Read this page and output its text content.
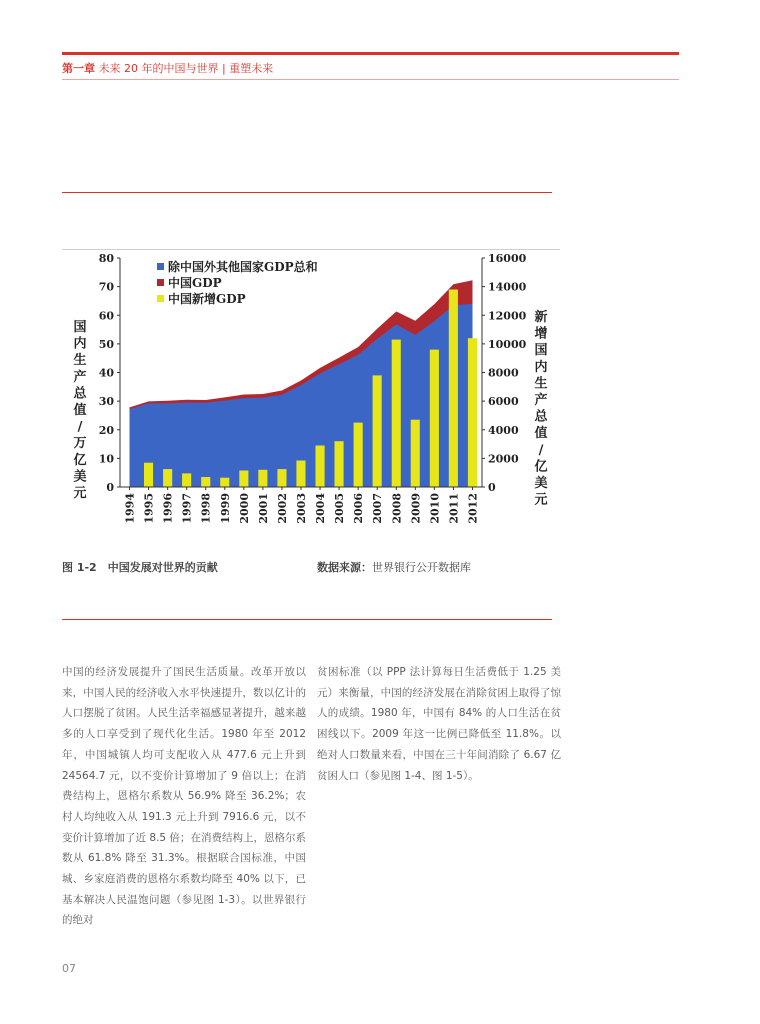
第一章 未来 20 年的中国与世界 | 重塑未来
0
10
20
30
40
50
60
70
80
0
2000
4000
6000
8000
10000
12000
14000
16000
1994 1995 1996 1997 1998 1999 2000 2001 2002 2003 2004 2005 2006 2007 2008 2009 2010 2011 2012
国
内
生
产
总
值
/
万
亿
美
元
新
增
国
内
生
产
总
值
/
亿
美
元
除中国外其他国家GDP总和
中国GDP
中国新增GDP
图 1-2　中国发展对世界的贡献	数据来源：世界银行公开数据库
中国的经济发展提升了国民生活质量。改革开放以来，中国人民的经济收入水平快速提升，数以亿计的人口摆脱了贫困。人民生活幸福感显著提升，越来越多的人口享受到了现代化生活。1980 年至 2012 年，中国城镇人均可支配收入从 477.6 元上升到 24564.7 元，以不变价计算增加了 9 倍以上；在消费结构上，恩格尔系数从 56.9% 降至 36.2%；农村人均纯收入从 191.3 元上升到 7916.6 元，以不变价计算增加了近 8.5 倍；在消费结构上，恩格尔系数从 61.8% 降至 31.3%。根据联合国标准，中国城、乡家庭消费的恩格尔系数均降至 40% 以下，已基本解决人民温饱问题（参见图 1-3）。以世界银行的绝对
贫困标准（以 PPP 法计算每日生活费低于 1.25 美元）来衡量，中国的经济发展在消除贫困上取得了惊人的成绩。1980 年，中国有 84% 的人口生活在贫困线以下。2009 年这一比例已降低至 11.8%。以绝对人口数量来看，中国在三十年间消除了 6.67 亿贫困人口（参见图 1-4、图 1-5）。
07
